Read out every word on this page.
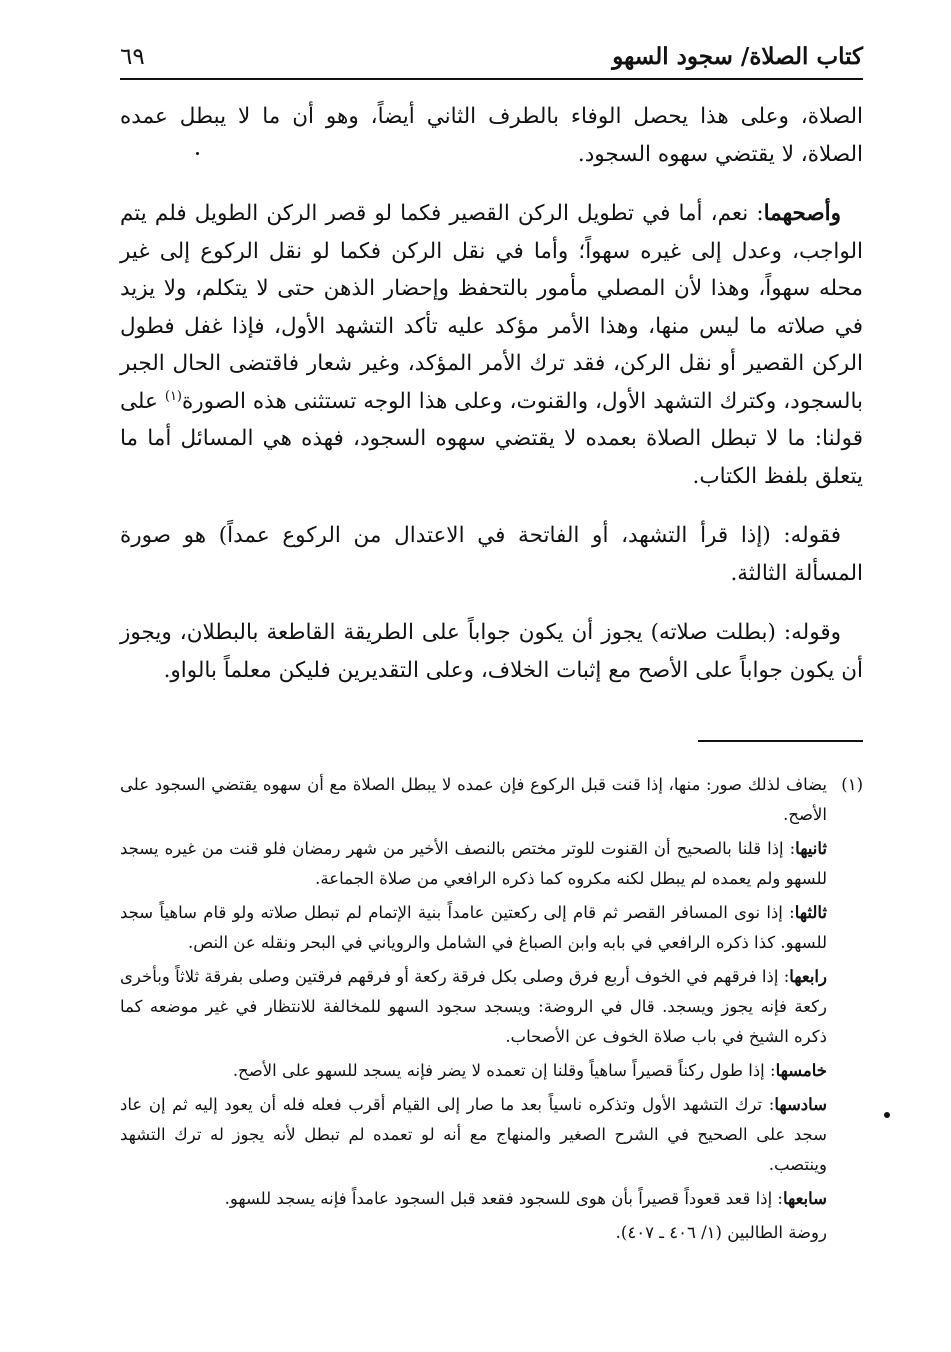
كتاب الصلاة/ سجود السهو
٦٩

الصلاة، وعلى هذا يحصل الوفاء بالطرف الثاني أيضاً، وهو أن ما لا يبطل عمده الصلاة، لا يقتضي سهوه السجود.

وأصحهما: نعم، أما في تطويل الركن القصير فكما لو قصر الركن الطويل فلم يتم الواجب، وعدل إلى غيره سهواً؛ وأما في نقل الركن فكما لو نقل الركوع إلى غير محله سهواً، وهذا لأن المصلي مأمور بالتحفظ وإحضار الذهن حتى لا يتكلم، ولا يزيد في صلاته ما ليس منها، وهذا الأمر مؤكد عليه تأكد التشهد الأول، فإذا غفل فطول الركن القصير أو نقل الركن، فقد ترك الأمر المؤكد، وغير شعار فاقتضى الحال الجبر بالسجود، وكترك التشهد الأول، والقنوت، وعلى هذا الوجه تستثنى هذه الصورة$^{(١)}$ على قولنا: ما لا تبطل الصلاة بعمده لا يقتضي سهوه السجود، فهذه هي المسائل أما ما يتعلق بلفظ الكتاب.

فقوله: (إذا قرأ التشهد، أو الفاتحة في الاعتدال من الركوع عمداً) هو صورة المسألة الثالثة.

وقوله: (بطلت صلاته) يجوز أن يكون جواباً على الطريقة القاطعة بالبطلان، ويجوز أن يكون جواباً على الأصح مع إثبات الخلاف، وعلى التقديرين فليكن معلماً بالواو.

(١)

يضاف لذلك صور: منها، إذا قنت قبل الركوع فإن عمده لا يبطل الصلاة مع أن سهوه يقتضي السجود على الأصح.

ثانيها: إذا قلنا بالصحيح أن القنوت للوتر مختص بالنصف الأخير من شهر رمضان فلو قنت من غيره يسجد للسهو ولم يعمده لم يبطل لكنه مكروه كما ذكره الرافعي من صلاة الجماعة.

ثالثها: إذا نوى المسافر القصر ثم قام إلى ركعتين عامداً بنية الإتمام لم تبطل صلاته ولو قام ساهياً سجد للسهو. كذا ذكره الرافعي في بابه وابن الصباغ في الشامل والروياني في البحر ونقله عن النص.

رابعها: إذا فرقهم في الخوف أربع فرق وصلى بكل فرقة ركعة أو فرقهم فرقتين وصلى بفرقة ثلاثاً وبأخرى ركعة فإنه يجوز ويسجد. قال في الروضة: ويسجد سجود السهو للمخالفة للانتظار في غير موضعه كما ذكره الشيخ في باب صلاة الخوف عن الأصحاب.

خامسها: إذا طول ركناً قصيراً ساهياً وقلنا إن تعمده لا يضر فإنه يسجد للسهو على الأصح.

سادسها: ترك التشهد الأول وتذكره ناسياً بعد ما صار إلى القيام أقرب فعله فله أن يعود إليه ثم إن عاد سجد على الصحيح في الشرح الصغير والمنهاج مع أنه لو تعمده لم تبطل لأنه يجوز له ترك التشهد وينتصب.

سابعها: إذا قعد قعوداً قصيراً بأن هوى للسجود فقعد قبل السجود عامداً فإنه يسجد للسهو.

روضة الطالبين (١/ ٤٠٦ ـ ٤٠٧).
